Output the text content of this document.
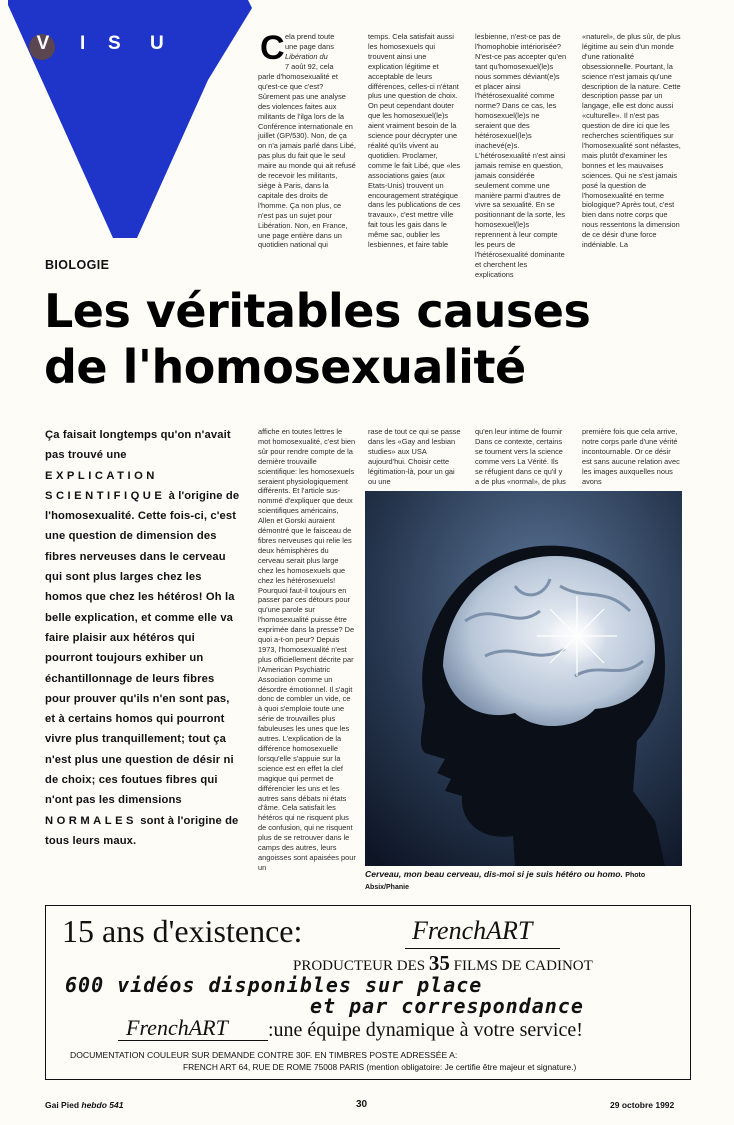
V I S U	C ela prend toute
une page dans
Libération du
7 août 92, cela
parle d'homosexualité et qu'est-ce que c'est? Sûrement pas une analyse des violences faites aux militants de l'ilga lors de la Conférence internationale en juillet (GP/530). Non, de ça on n'a jamais parlé dans Libé, pas plus du fait que le seul maire au monde qui ait refusé de recevoir les militants, siège à Paris, dans la capitale des droits de l'homme. Ça non plus, ce n'est pas un sujet pour Libération. Non, en France, une page entière dans un quotidien national qui
temps. Cela satisfait aussi les homosexuels qui trouvent ainsi une explication légitime et acceptable de leurs différences, celles-ci n'étant plus une question de choix. On peut cependant douter que les homosexuel(le)s aient vraiment besoin de la science pour décrypter une réalité qu'ils vivent au quotidien. Proclamer, comme le fait Libé, que «les associations gaies (aux Etats-Unis) trouvent un encouragement stratégique dans les publications de ces travaux», c'est mettre ville fait tous les gais dans le même sac, oublier les lesbiennes, et faire table
lesbienne, n'est-ce pas de l'homophobie intériorisée? N'est-ce pas accepter qu'en tant qu'homosexuel(le)s nous sommes déviant(e)s et placer ainsi l'hétérosexualité comme norme? Dans ce cas, les homosexuel(le)s ne seraient que des hétérosexuel(le)s inachevé(e)s. L'hétérosexualité n'est ainsi jamais remise en question, jamais considérée seulement comme une manière parmi d'autres de vivre sa sexualité. En se positionnant de la sorte, les homosexuel(le)s reprennent à leur compte les peurs de l'hétérosexualité dominante et cherchent les explications
«naturel», de plus sûr, de plus légitime au sein d'un monde d'une rationalité obsessionnelle. Pourtant, la science n'est jamais qu'une description de la nature. Cette description passe par un langage, elle est donc aussi «culturelle». Il n'est pas question de dire ici que les recherches scientifiques sur l'homosexualité sont néfastes, mais plutôt d'examiner les bonnes et les mauvaises sciences. Qui ne s'est jamais posé la question de l'homosexualité en terme biologique? Après tout, c'est bien dans notre corps que nous ressentons la dimension de ce désir d'une force indéniable. La
BIOLOGIE
Les véritables causes
de l'homosexualité
Ça faisait longtemps qu'on n'avait pas trouvé une EXPLICATION SCIENTIFIQUE à l'origine de l'homosexualité. Cette fois-ci, c'est une question de dimension des fibres nerveuses dans le cerveau qui sont plus larges chez les homos que chez les hétéros! Oh la belle explication, et comme elle va faire plaisir aux hétéros qui pourront toujours exhiber un échantillonnage de leurs fibres pour prouver qu'ils n'en sont pas, et à certains homos qui pourront vivre plus tranquillement; tout ça n'est plus une question de désir ni de choix; ces foutues fibres qui n'ont pas les dimensions NORMALES sont à l'origine de tous leurs maux.
affiche en toutes lettres le mot homosexualité, c'est bien sûr pour rendre compte de la dernière trouvaille scientifique: les homosexuels seraient physiologiquement différents. Et l'article sus-nommé d'expliquer que deux scientifiques américains, Allen et Gorski auraient démontré que le faisceau de fibres nerveuses qui relie les deux hémisphères du cerveau serait plus large chez les homosexuels que chez les hétérosexuels! Pourquoi faut-il toujours en passer par ces détours pour qu'une parole sur l'homosexualité puisse être exprimée dans la presse? De quoi a-t-on peur? Depuis 1973, l'homosexualité n'est plus officiellement décrite par l'American Psychiatric Association comme un désordre émotionnel. Il s'agit donc de combler un vide, ce à quoi s'emploie toute une série de trouvailles plus fabuleuses les unes que les autres. L'explication de la différence homosexuelle lorsqu'elle s'appuie sur la science est en effet la clef magique qui permet de différencier les uns et les autres sans débats ni états d'âme. Cela satisfait les hétéros qui ne risquent plus de confusion, qui ne risquent plus de se retrouver dans le camps des autres, leurs angoisses sont apaisées pour un
rase de tout ce qui se passe dans les «Gay and lesbian studies» aux USA aujourd'hui. Choisir cette légitimation-là, pour un gai ou une
qu'en leur intime de fournir Dans ce contexte, certains se tournent vers la science comme vers La Vérité. Ils se réfugient dans ce qu'il y a de plus «normal», de plus
première fois que cela arrive, notre corps parle d'une vérité incontournable. Or ce désir est sans aucune relation avec les images auxquelles nous avons
Cerveau, mon beau cerveau, dis-moi si je suis hétéro ou homo. Photo Absix/Phanie
15 ans d'existence:	FrenchART
PRODUCTEUR DES 35 FILMS DE CADINOT
600 vidéos disponibles sur place
et par correspondance
FrenchART :une équipe dynamique à votre service!
DOCUMENTATION COULEUR SUR DEMANDE CONTRE 30F. EN TIMBRES POSTE ADRESSÉE A:
FRENCH ART 64, RUE DE ROME 75008 PARIS (mention obligatoire: Je certifie être majeur et signature.)
Gai Pied hebdo 541	30	29 octobre 1992
